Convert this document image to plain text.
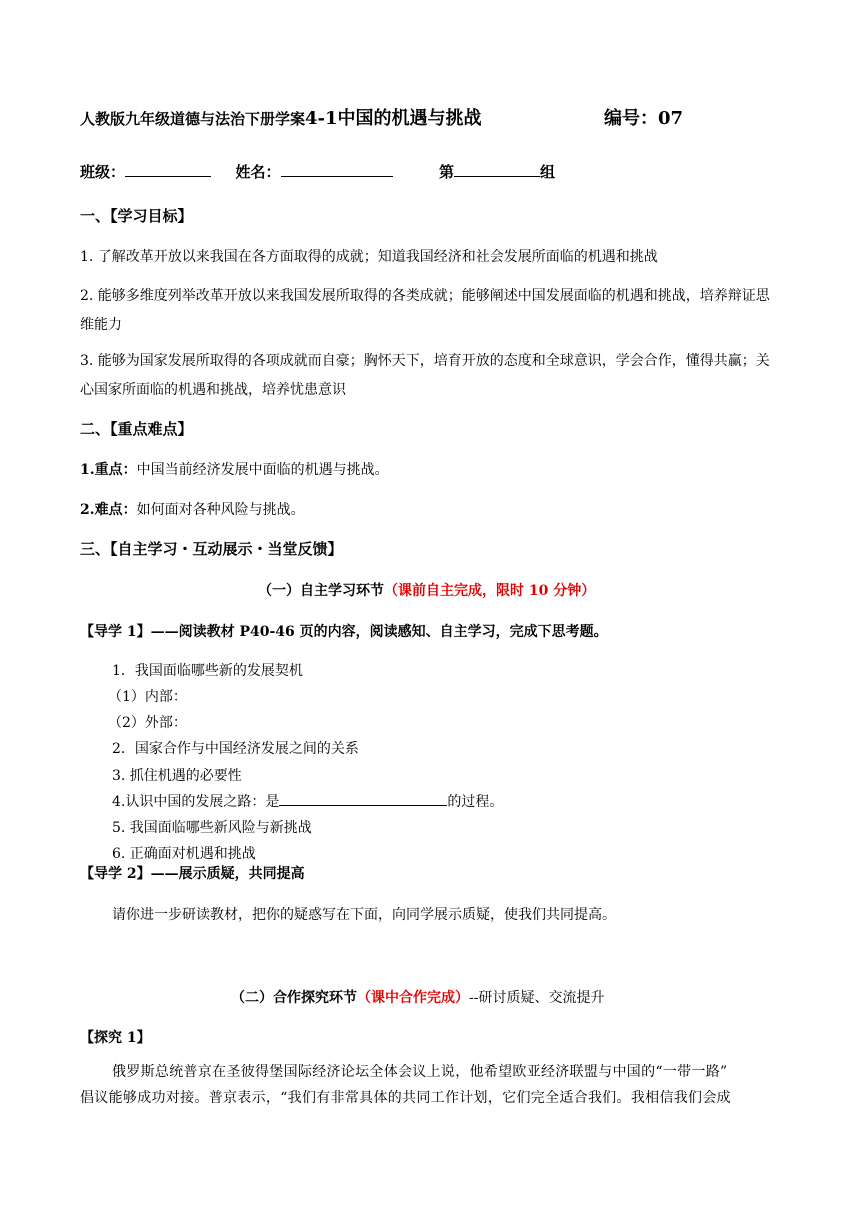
人教版九年级道德与法治下册学案4-1中国的机遇与挑战	编号：07
班级：	姓名：	第	组
一、【学习目标】
1. 了解改革开放以来我国在各方面取得的成就；知道我国经济和社会发展所面临的机遇和挑战
2. 能够多维度列举改革开放以来我国发展所取得的各类成就；能够阐述中国发展面临的机遇和挑战，培养辩证思维能力
3. 能够为国家发展所取得的各项成就而自豪；胸怀天下，培育开放的态度和全球意识，学会合作，懂得共赢；关心国家所面临的机遇和挑战，培养忧患意识
二、【重点难点】
1.重点：中国当前经济发展中面临的机遇与挑战。
2.难点：如何面对各种风险与挑战。
三、【自主学习・互动展示・当堂反馈】
（一）自主学习环节（课前自主完成，限时 10 分钟）
【导学 1】——阅读教材 P40-46 页的内容，阅读感知、自主学习，完成下思考题。
1．我国面临哪些新的发展契机
（1）内部：
（2）外部：
2．国家合作与中国经济发展之间的关系
3. 抓住机遇的必要性
4.认识中国的发展之路：是	的过程。
5. 我国面临哪些新风险与新挑战
6. 正确面对机遇和挑战
【导学 2】——展示质疑，共同提高
请你进一步研读教材，把你的疑惑写在下面，向同学展示质疑，使我们共同提高。
（二）合作探究环节（课中合作完成）--研讨质疑、交流提升
【探究 1】
俄罗斯总统普京在圣彼得堡国际经济论坛全体会议上说，他希望欧亚经济联盟与中国的“一带一路”
倡议能够成功对接。普京表示，“我们有非常具体的共同工作计划，它们完全适合我们。我相信我们会成
